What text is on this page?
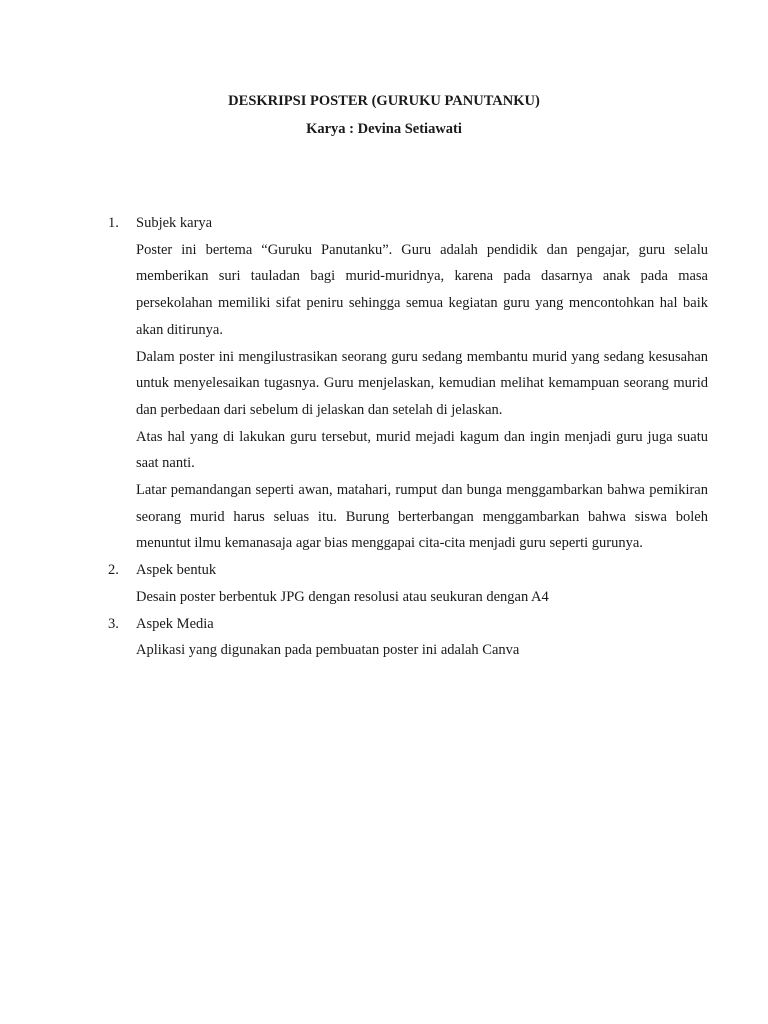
DESKRIPSI POSTER (GURUKU PANUTANKU)
Karya : Devina Setiawati
1.	Subjek karya

Poster ini bertema “Guruku Panutanku”. Guru adalah pendidik dan pengajar, guru selalu memberikan suri tauladan bagi murid-muridnya, karena pada dasarnya anak pada masa persekolahan memiliki sifat peniru sehingga semua kegiatan guru yang mencontohkan hal baik akan ditirunya.

Dalam poster ini mengilustrasikan seorang guru sedang membantu murid yang sedang kesusahan untuk menyelesaikan tugasnya. Guru menjelaskan, kemudian melihat kemampuan seorang murid dan perbedaan dari sebelum di jelaskan dan setelah di jelaskan.

Atas hal yang di lakukan guru tersebut, murid mejadi kagum dan ingin menjadi guru juga suatu saat nanti.

Latar pemandangan seperti awan, matahari, rumput dan bunga menggambarkan bahwa pemikiran seorang murid harus seluas itu. Burung berterbangan menggambarkan bahwa siswa boleh menuntut ilmu kemanasaja agar bias menggapai cita-cita menjadi guru seperti gurunya.

2.	Aspek bentuk

Desain poster berbentuk JPG dengan resolusi atau seukuran dengan A4

3.	Aspek Media

Aplikasi yang digunakan pada pembuatan poster ini adalah Canva
